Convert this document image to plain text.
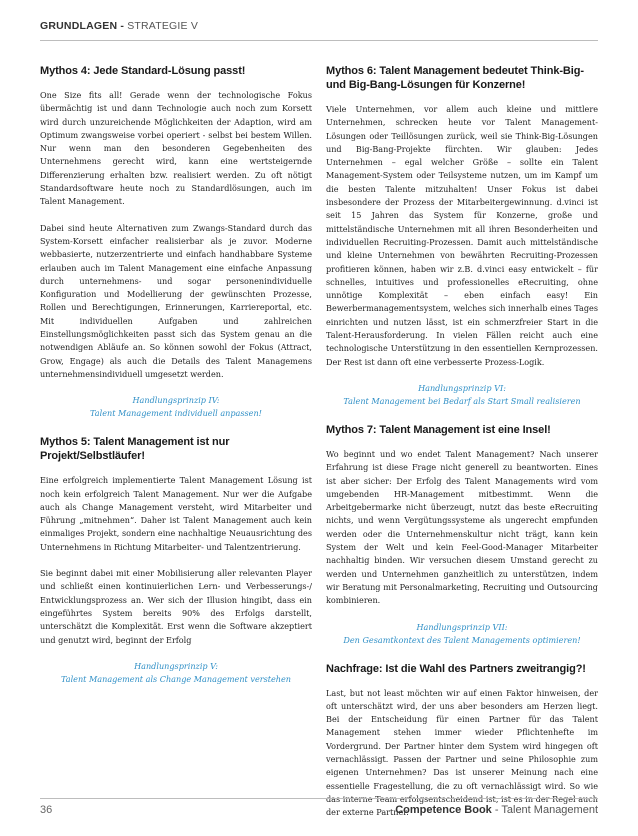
GRUNDLAGEN - STRATEGIE V
Mythos 4: Jede Standard-Lösung passt!

One Size fits all! Gerade wenn der technologische Fokus übermächtig ist und dann Technologie auch noch zum Korsett wird durch unzureichende Möglichkeiten der Adaption, wird am Optimum zwangsweise vorbei operiert - selbst bei bestem Willen. Nur wenn man den besonderen Gegebenheiten des Unternehmens gerecht wird, kann eine wertsteigernde Differenzierung erhalten bzw. realisiert werden. Zu oft nötigt Standardsoftware heute noch zu Standardlösungen, auch im Talent Management.

Dabei sind heute Alternativen zum Zwangs-Standard durch das System-Korsett einfacher realisierbar als je zuvor. Moderne webbasierte, nutzerzentrierte und einfach handhabbare Systeme erlauben auch im Talent Management eine einfache Anpassung durch unternehmens- und sogar personenindividuelle Konfiguration und Modellierung der gewünschten Prozesse, Rollen und Berechtigungen, Erinnerungen, Karriereportal, etc. Mit individuellen Aufgaben und zahlreichen Einstellungsmöglichkeiten passt sich das System genau an die notwendigen Abläufe an. So können sowohl der Fokus (Attract, Grow, Engage) als auch die Details des Talent Managemens unternehmensindividuell umgesetzt werden.

Handlungsprinzip IV:
Talent Management individuell anpassen!
Mythos 5: Talent Management ist nur Projekt/Selbstläufer!

Eine erfolgreich implementierte Talent Management Lösung ist noch kein erfolgreich Talent Management. Nur wer die Aufgabe auch als Change Management versteht, wird Mitarbeiter und Führung „mitnehmen“. Daher ist Talent Management auch kein einmaliges Projekt, sondern eine nachhaltige Neuausrichtung des Unternehmens in Richtung Mitarbeiter- und Talentzentrierung.

Sie beginnt dabei mit einer Mobilisierung aller relevanten Player und schließt einen kontinuierlichen Lern- und Verbesserungs-/ Entwicklungsprozess an. Wer sich der Illusion hingibt, dass ein eingeführtes System bereits 90% des Erfolgs darstellt, unterschätzt die Komplexität. Erst wenn die Software akzeptiert und genutzt wird, beginnt der Erfolg

Handlungsprinzip V:
Talent Management als Change Management verstehen
Mythos 6: Talent Management bedeutet Think-Big- und Big-Bang-Lösungen für Konzerne!

Viele Unternehmen, vor allem auch kleine und mittlere Unternehmen, schrecken heute vor Talent Management-Lösungen oder Teillösungen zurück, weil sie Think-Big-Lösungen und Big-Bang-Projekte fürchten. Wir glauben: Jedes Unternehmen – egal welcher Größe – sollte ein Talent Management-System oder Teilsysteme nutzen, um im Kampf um die besten Talente mitzuhalten! Unser Fokus ist dabei insbesondere der Prozess der Mitarbeitergewinnung. d.vinci ist seit 15 Jahren das System für Konzerne, große und mittelständische Unternehmen mit all ihren Besonderheiten und individuellen Recruiting-Prozessen. Damit auch mittelständische und kleine Unternehmen von bewährten Recruiting-Prozessen profitieren können, haben wir z.B. d.vinci easy entwickelt – für schnelles, intuitives und professionelles eRecruiting, ohne unnötige Komplexität – eben einfach easy! Ein Bewerbermanagementsystem, welches sich innerhalb eines Tages einrichten und nutzen lässt, ist ein schmerzfreier Start in die Talent-Herausforderung. In vielen Fällen reicht auch eine technologische Unterstützung in den essentiellen Kernprozessen. Der Rest ist dann oft eine verbesserte Prozess-Logik.

Handlungsprinzip VI:
Talent Management bei Bedarf als Start Small realisieren
Mythos 7: Talent Management ist eine Insel!

Wo beginnt und wo endet Talent Management? Nach unserer Erfahrung ist diese Frage nicht generell zu beantworten. Eines ist aber sicher: Der Erfolg des Talent Managements wird vom umgebenden HR-Management mitbestimmt. Wenn die Arbeitgebermarke nicht überzeugt, nutzt das beste eRecruiting nichts, und wenn Vergütungssysteme als ungerecht empfunden werden oder die Unternehmenskultur nicht trägt, kann kein System der Welt und kein Feel-Good-Manager Mitarbeiter nachhaltig binden. Wir versuchen diesem Umstand gerecht zu werden und Unternehmen ganzheitlich zu unterstützen, indem wir Beratung mit Personalmarketing, Recruiting und Outsourcing kombinieren.

Handlungsprinzip VII:
Den Gesamtkontext des Talent Managements optimieren!
Nachfrage: Ist die Wahl des Partners zweitrangig?!

Last, but not least möchten wir auf einen Faktor hinweisen, der oft unterschätzt wird, der uns aber besonders am Herzen liegt. Bei der Entscheidung für einen Partner für das Talent Management stehen immer wieder Pflichtenhefte im Vordergrund. Der Partner hinter dem System wird hingegen oft vernachlässigt. Passen der Partner und seine Philosophie zum eigenen Unternehmen? Das ist unserer Meinung nach eine essentielle Fragestellung, die zu oft vernachlässigt wird. So wie das interne Team erfolgsentscheidend ist, ist es in der Regel auch der externe Partner.

36	Competence Book - Talent Management
